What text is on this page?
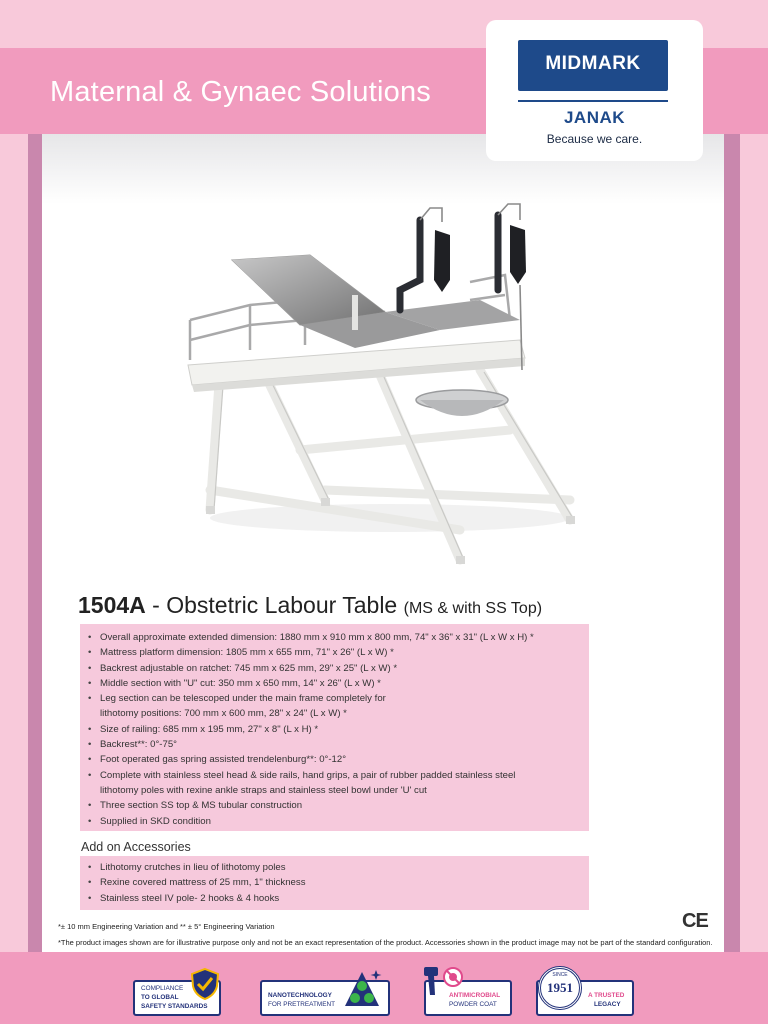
Maternal & Gynaec Solutions
MIDMARK
JANAK
Because we care.
1504A - Obstetric Labour Table (MS & with SS Top)
• Overall approximate extended dimension: 1880 mm x 910 mm x 800 mm, 74" x 36" x 31" (L x W x H) *
• Mattress platform dimension: 1805 mm x 655 mm, 71" x 26" (L x W) *
• Backrest adjustable on ratchet: 745 mm x 625 mm, 29" x 25" (L x W) *
• Middle section with "U" cut: 350 mm x 650 mm, 14" x 26" (L x W) *
• Leg section can be telescoped under the main frame completely for
lithotomy positions: 700 mm x 600 mm, 28" x 24" (L x W) *
• Size of railing: 685 mm x 195 mm, 27" x 8" (L x H) *
• Backrest**: 0°-75°
• Foot operated gas spring assisted trendelenburg**: 0°-12°
• Complete with stainless steel head & side rails, hand grips, a pair of rubber padded stainless steel
lithotomy poles with rexine ankle straps and stainless steel bowl under 'U' cut
• Three section SS top & MS tubular construction
• Supplied in SKD condition
Add on Accessories
• Lithotomy crutches in lieu of lithotomy poles
• Rexine covered mattress of 25 mm, 1" thickness
• Stainless steel IV pole- 2 hooks & 4 hooks
*± 10 mm Engineering Variation and ** ± 5° Engineering Variation
*The product images shown are for illustrative purpose only and not be an exact representation of the product. Accessories shown in the product image may not be part of the standard configuration.
CE
COMPLIANCE
TO GLOBAL
SAFETY STANDARDS
NANOTECHNOLOGY
FOR PRETREATMENT
ANTIMICROBIAL
POWDER COAT
A TRUSTED
LEGACY
SINCE
1951
